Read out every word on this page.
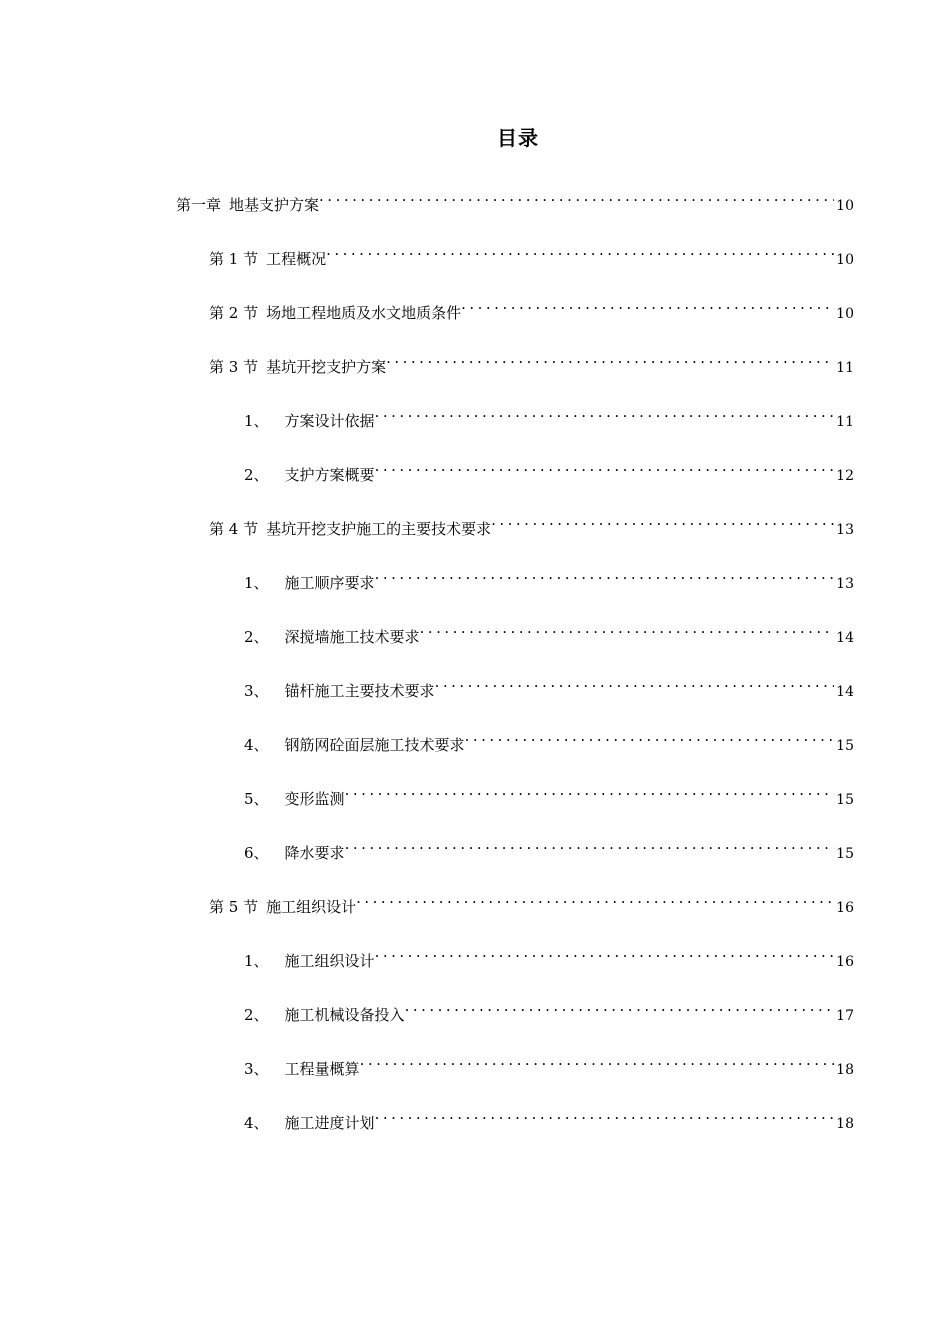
目录
第一章 地基支护方案 .....	10
第 1 节 工程概况 .....	10
第 2 节 场地工程地质及水文地质条件 .....	10
第 3 节 基坑开挖支护方案 .....	11
1、	方案设计依据 .....	11
2、	支护方案概要 .....	12
第 4 节 基坑开挖支护施工的主要技术要求 .....	13
1、	施工顺序要求 .....	13
2、	深搅墙施工技术要求 .....	14
3、	锚杆施工主要技术要求 .....	14
4、	钢筋网砼面层施工技术要求 .....	15
5、	变形监测 .....	15
6、	降水要求 .....	15
第 5 节 施工组织设计 .....	16
1、	施工组织设计 .....	16
2、	施工机械设备投入 .....	17
3、	工程量概算 .....	18
4、	施工进度计划 .....	18
